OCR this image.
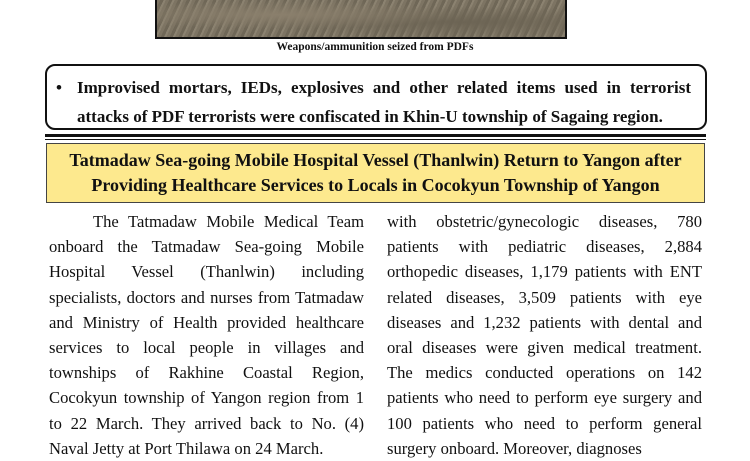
Weapons/ammunition seized from PDFs
• Improvised mortars, IEDs, explosives and other related items used in terrorist attacks of PDF terrorists were confiscated in Khin-U township of Sagaing region.
Tatmadaw Sea-going Mobile Hospital Vessel (Thanlwin) Return to Yangon after
Providing Healthcare Services to Locals in Cocokyun Township of Yangon

The Tatmadaw Mobile Medical Team onboard the Tatmadaw Sea-going Mobile Hospital Vessel (Thanlwin) including specialists, doctors and nurses from Tatmadaw and Ministry of Health provided healthcare services to local people in villages and townships of Rakhine Coastal Region, Cocokyun township of Yangon region from 1 to 22 March. They arrived back to No. (4) Naval Jetty at Port Thilawa on 24 March.

with obstetric/gynecologic diseases, 780 patients with pediatric diseases, 2,884 orthopedic diseases, 1,179 patients with ENT related diseases, 3,509 patients with eye diseases and 1,232 patients with dental and oral diseases were given medical treatment. The medics conducted operations on 142 patients who need to perform eye surgery and 100 patients who need to perform general surgery onboard. Moreover, diagnoses
